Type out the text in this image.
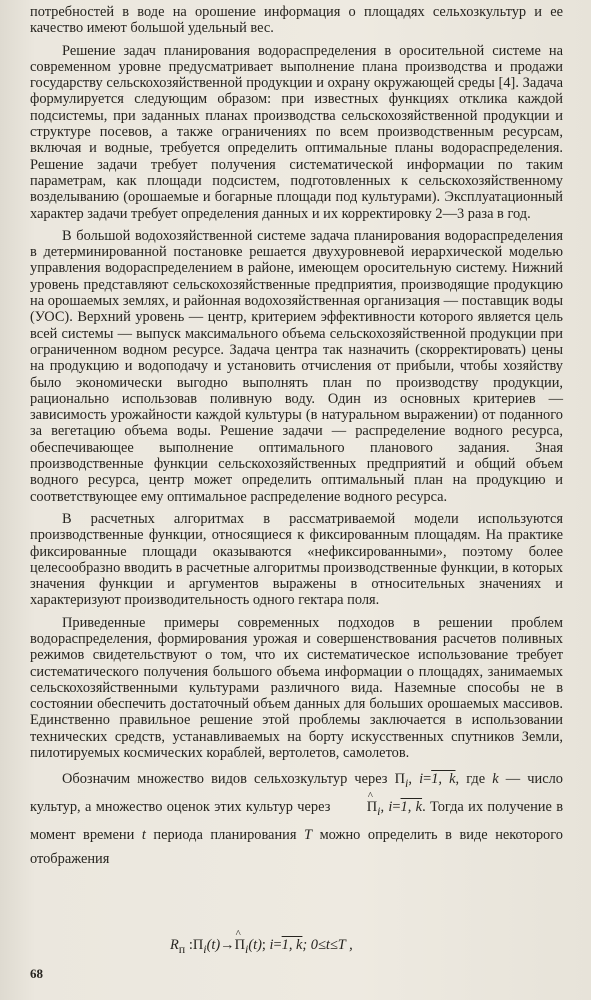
потребностей в воде на орошение информация о площадях сельхозкультур и ее качество имеют большой удельный вес.

Решение задач планирования водораспределения в оросительной системе на современном уровне предусматривает выполнение плана производства и продажи государству сельскохозяйственной продукции и охрану окружающей среды [4]. Задача формулируется следующим образом: при известных функциях отклика каждой подсистемы, при заданных планах производства сельскохозяйственной продукции и структуре посевов, а также ограничениях по всем производственным ресурсам, включая и водные, требуется определить оптимальные планы водораспределения. Решение задачи требует получения систематической информации по таким параметрам, как площади подсистем, подготовленных к сельскохозяйственному возделыванию (орошаемые и богарные площади под культурами). Эксплуатационный характер задачи требует определения данных и их корректировку 2—3 раза в год.

В большой водохозяйственной системе задача планирования водораспределения в детерминированной постановке решается двухуровневой иерархической моделью управления водораспределением в районе, имеющем оросительную систему. Нижний уровень представляют сельскохозяйственные предприятия, производящие продукцию на орошаемых землях, и районная водохозяйственная организация — поставщик воды (УОС). Верхний уровень — центр, критерием эффективности которого является цель всей системы — выпуск максимального объема сельскохозяйственной продукции при ограниченном водном ресурсе. Задача центра так назначить (скорректировать) цены на продукцию и водоподачу и установить отчисления от прибыли, чтобы хозяйству было экономически выгодно выполнять план по производству продукции, рационально использовав поливную воду. Один из основных критериев — зависимость урожайности каждой культуры (в натуральном выражении) от поданного за вегетацию объема воды. Решение задачи — распределение водного ресурса, обеспечивающее выполнение оптимального планового задания. Зная производственные функции сельскохозяйственных предприятий и общий объем водного ресурса, центр может определить оптимальный план на продукцию и соответствующее ему оптимальное распределение водного ресурса.

В расчетных алгоритмах в рассматриваемой модели используются производственные функции, относящиеся к фиксированным площадям. На практике фиксированные площади оказываются «нефиксированными», поэтому более целесообразно вводить в расчетные алгоритмы производственные функции, в которых значения функции и аргументов выражены в относительных значениях и характеризуют производительность одного гектара поля.

Приведенные примеры современных подходов в решении проблем водораспределения, формирования урожая и совершенствования расчетов поливных режимов свидетельствуют о том, что их систематическое использование требует систематического получения большого объема информации о площадях, занимаемых сельскохозяйственными культурами различного вида. Наземные способы не в состоянии обеспечить достаточный объем данных для больших орошаемых массивов. Единственно правильное решение этой проблемы заключается в использовании технических средств, устанавливаемых на борту искусственных спутников Земли, пилотируемых космических кораблей, вертолетов, самолетов.

Обозначим множество видов сельхозкультур через $\Pi_i$, i=1, k, где k — число культур, а множество оценок этих культур через	^ $\Pi_i$, i=1, k. Тогда их получение в момент времени t периода планирования T можно определить в виде некоторого отображения

$R_п$ $:\Pi_i(t)\to\^{}$ $\Pi_i(t)$; i=1, k; 0≤t≤T ,
68
